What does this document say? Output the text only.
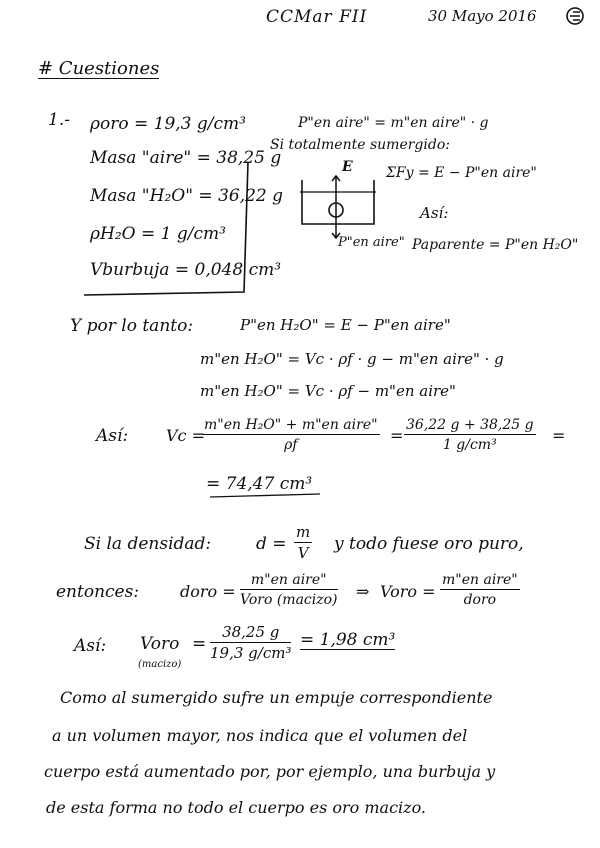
CCMar FII	30 Mayo 2016
# Cuestiones
1.- ρoro = 19,3 g/cm³
Masa "aire" = 38,25 g
Masa "H₂O" = 36,22 g
ρH₂O = 1 g/cm³
Vburbuja = 0,048 cm³
P"en aire" = m"en aire" · g
Si totalmente sumergido:
E
P"en aire"
ΣFy = E − P"en aire"
Así:
Paparente = P"en H₂O"
Y por lo tanto:	P"en H₂O" = E − P"en aire"
m"en H₂O" = Vc · ρf · g − m"en aire" · g
m"en H₂O" = Vc · ρf − m"en aire"
Así: Vc =
m"en H₂O" + m"en aire"
ρf	= $\frac{36,22 g + 38,25 g}{\text{1 g/cm³}}$ =
= 74,47 cm³
Si la densidad:	$d = \frac{m}{V}$ y todo fuese oro puro,
entonces:	doro =
m"en aire"
Voro (macizo) ⇒ Voro =
m"en aire"
doro
Así: Voro
(macizo)
= $\frac{38,25 g}{\text{19,3 g/cm³}} = 1,98$ cm³
Como al sumergido sufre un empuje correspondiente
a un volumen mayor, nos indica que el volumen del
cuerpo está aumentado por, por ejemplo, una burbuja y
de esta forma no todo el cuerpo es oro macizo.
